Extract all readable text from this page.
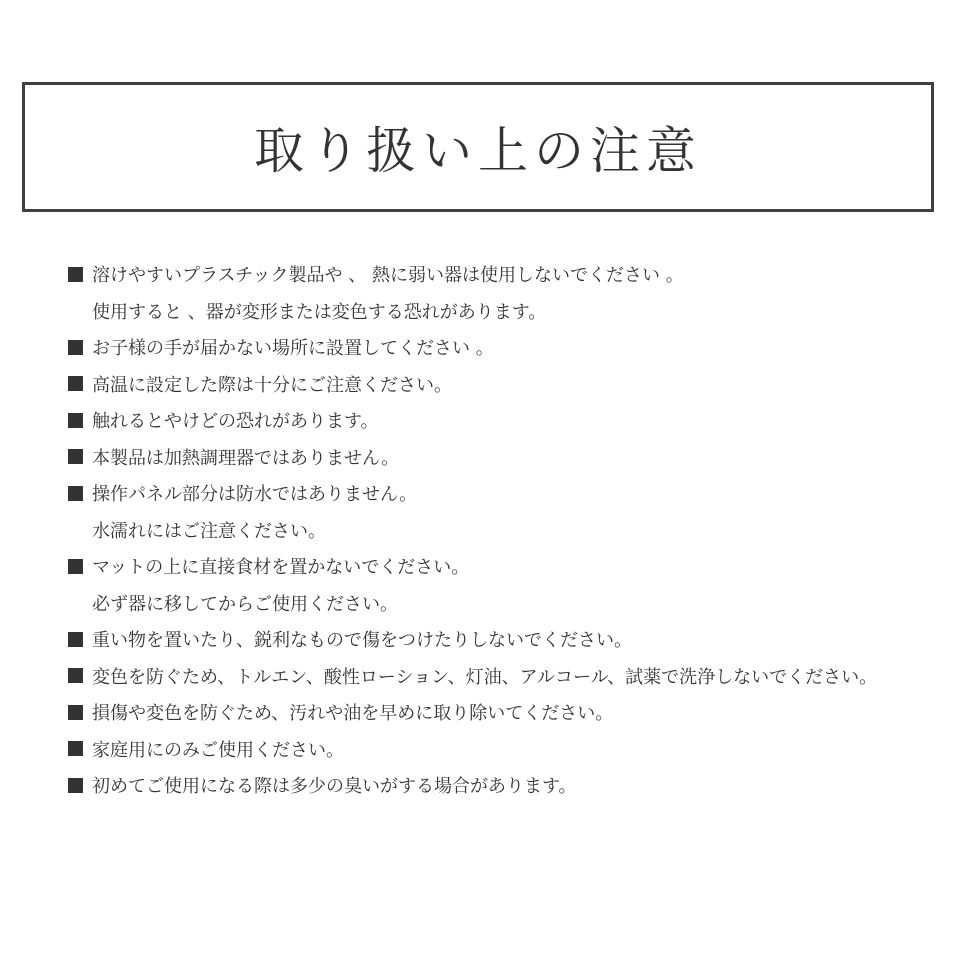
取り扱い上の注意
溶けやすいプラスチック製品や 、 熱に弱い器は使用しないでください 。
使用すると 、器が変形または変色する恐れがあります。
お子様の手が届かない場所に設置してください 。
高温に設定した際は十分にご注意ください。
触れるとやけどの恐れがあります。
本製品は加熱調理器ではありません。
操作パネル部分は防水ではありません。
水濡れにはご注意ください。
マットの上に直接食材を置かないでください。
必ず器に移してからご使用ください。
重い物を置いたり、鋭利なもので傷をつけたりしないでください。
変色を防ぐため、トルエン、酸性ローション、灯油、アルコール、試薬で洗浄しないでください。
損傷や変色を防ぐため、汚れや油を早めに取り除いてください。
家庭用にのみご使用ください。
初めてご使用になる際は多少の臭いがする場合があります。
